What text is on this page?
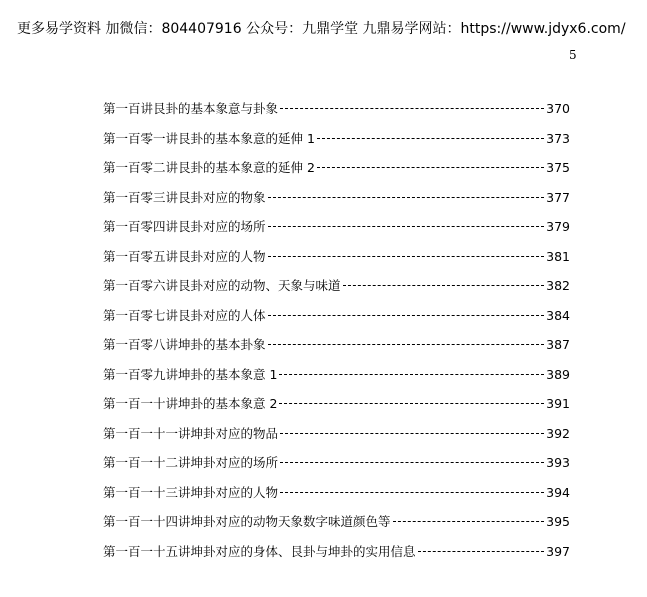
更多易学资料 加微信：804407916 公众号：九鼎学堂 九鼎易学网站：https://www.jdyx6.com/
5
第一百讲艮卦的基本象意与卦象	370
第一百零一讲艮卦的基本象意的延伸 1	373
第一百零二讲艮卦的基本象意的延伸 2	375
第一百零三讲艮卦对应的物象	377
第一百零四讲艮卦对应的场所	379
第一百零五讲艮卦对应的人物	381
第一百零六讲艮卦对应的动物、天象与味道	382
第一百零七讲艮卦对应的人体	384
第一百零八讲坤卦的基本卦象	387
第一百零九讲坤卦的基本象意 1	389
第一百一十讲坤卦的基本象意 2	391
第一百一十一讲坤卦对应的物品	392
第一百一十二讲坤卦对应的场所	393
第一百一十三讲坤卦对应的人物	394
第一百一十四讲坤卦对应的动物天象数字味道颜色等	395
第一百一十五讲坤卦对应的身体、艮卦与坤卦的实用信息	397
